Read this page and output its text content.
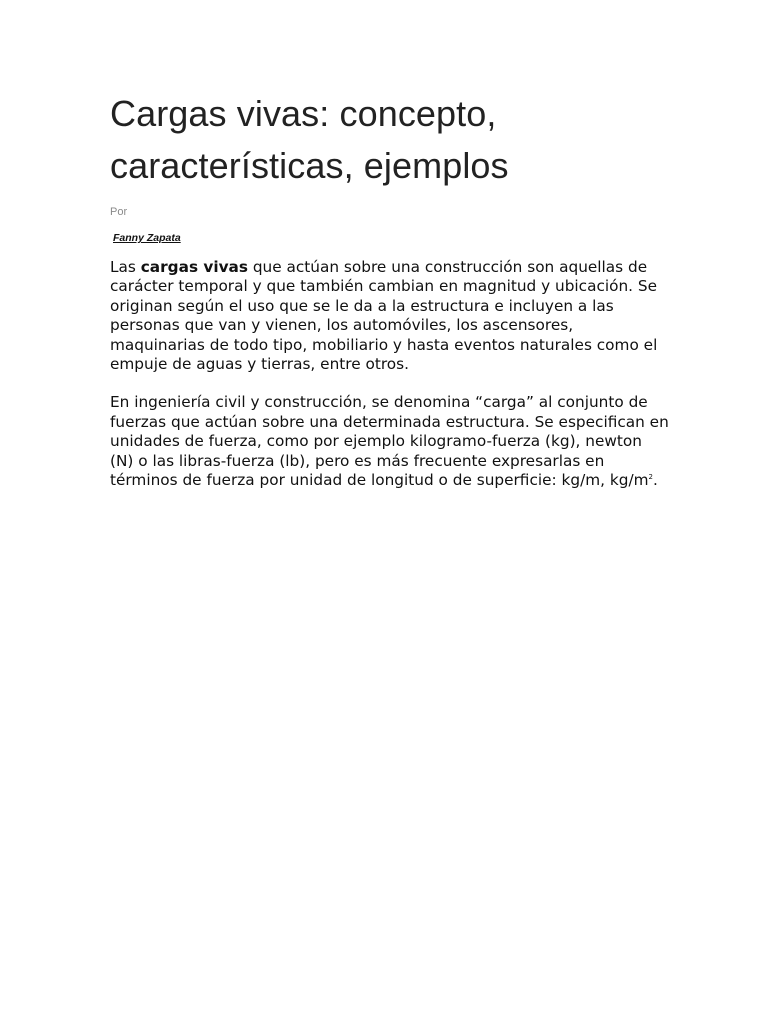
Cargas vivas: concepto,
características, ejemplos
Por
Fanny Zapata

Las cargas vivas que actúan sobre una construcción son aquellas de carácter temporal y que también cambian en magnitud y ubicación. Se originan según el uso que se le da a la estructura e incluyen a las personas que van y vienen, los automóviles, los ascensores, maquinarias de todo tipo, mobiliario y hasta eventos naturales como el empuje de aguas y tierras, entre otros.

En ingeniería civil y construcción, se denomina “carga” al conjunto de fuerzas que actúan sobre una determinada estructura. Se especifican en unidades de fuerza, como por ejemplo kilogramo-fuerza (kg), newton (N) o las libras-fuerza (lb), pero es más frecuente expresarlas en términos de fuerza por unidad de longitud o de superficie: kg/m, $kg/m^2$.
